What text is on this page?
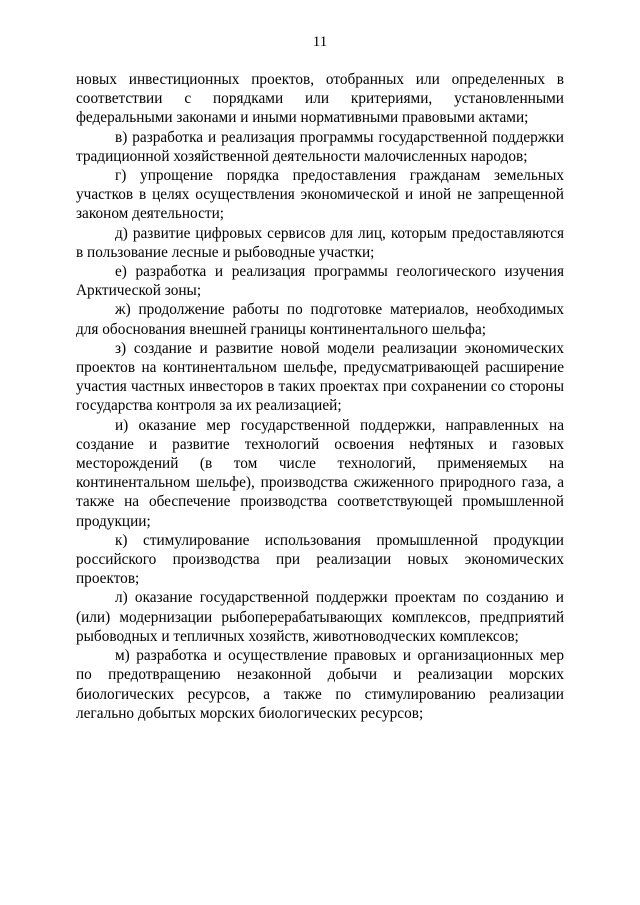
11

новых инвестиционных проектов, отобранных или определенных в соответствии с порядками или критериями, установленными федеральными законами и иными нормативными правовыми актами;

в) разработка и реализация программы государственной поддержки традиционной хозяйственной деятельности малочисленных народов;

г) упрощение порядка предоставления гражданам земельных участков в целях осуществления экономической и иной не запрещенной законом деятельности;

д) развитие цифровых сервисов для лиц, которым предоставляются в пользование лесные и рыбоводные участки;

е) разработка и реализация программы геологического изучения Арктической зоны;

ж) продолжение работы по подготовке материалов, необходимых для обоснования внешней границы континентального шельфа;

з) создание и развитие новой модели реализации экономических проектов на континентальном шельфе, предусматривающей расширение участия частных инвесторов в таких проектах при сохранении со стороны государства контроля за их реализацией;

и) оказание мер государственной поддержки, направленных на создание и развитие технологий освоения нефтяных и газовых месторождений (в том числе технологий, применяемых на континентальном шельфе), производства сжиженного природного газа, а также на обеспечение производства соответствующей промышленной продукции;

к) стимулирование использования промышленной продукции российского производства при реализации новых экономических проектов;

л) оказание государственной поддержки проектам по созданию и (или) модернизации рыбоперерабатывающих комплексов, предприятий рыбоводных и тепличных хозяйств, животноводческих комплексов;

м) разработка и осуществление правовых и организационных мер по предотвращению незаконной добычи и реализации морских биологических ресурсов, а также по стимулированию реализации легально добытых морских биологических ресурсов;
